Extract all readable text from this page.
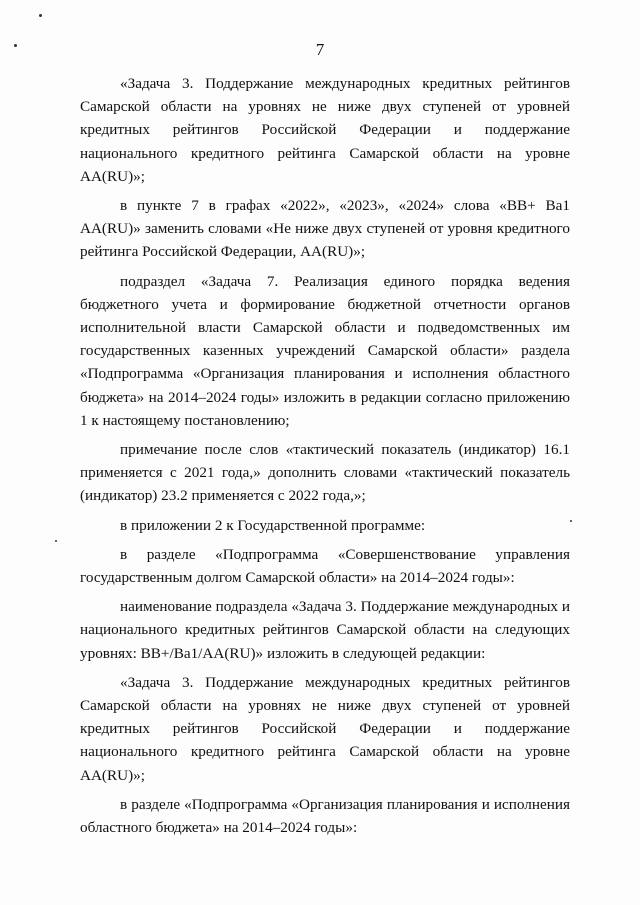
7

«Задача 3. Поддержание международных кредитных рейтингов Самарской области на уровнях не ниже двух ступеней от уровней кредитных рейтингов Российской Федерации и поддержание национального кредитного рейтинга Самарской области на уровне AA(RU)»;

в пункте 7 в графах «2022», «2023», «2024» слова «BB+ Ba1 AA(RU)» заменить словами «Не ниже двух ступеней от уровня кредитного рейтинга Российской Федерации, AA(RU)»;

подраздел «Задача 7. Реализация единого порядка ведения бюджетного учета и формирование бюджетной отчетности органов исполнительной власти Самарской области и подведомственных им государственных казенных учреждений Самарской области» раздела «Подпрограмма «Организация планирования и исполнения областного бюджета» на 2014–2024 годы» изложить в редакции согласно приложению 1 к настоящему постановлению;

примечание после слов «тактический показатель (индикатор) 16.1 применяется с 2021 года,» дополнить словами «тактический показатель (индикатор) 23.2 применяется с 2022 года,»;

в приложении 2 к Государственной программе:

в разделе «Подпрограмма «Совершенствование управления государственным долгом Самарской области» на 2014–2024 годы»:

наименование подраздела «Задача 3. Поддержание международных и национального кредитных рейтингов Самарской области на следующих уровнях: BB+/Ba1/AA(RU)» изложить в следующей редакции:

«Задача 3. Поддержание международных кредитных рейтингов Самарской области на уровнях не ниже двух ступеней от уровней кредитных рейтингов Российской Федерации и поддержание национального кредитного рейтинга Самарской области на уровне AA(RU)»;

в разделе «Подпрограмма «Организация планирования и исполнения областного бюджета» на 2014–2024 годы»:
